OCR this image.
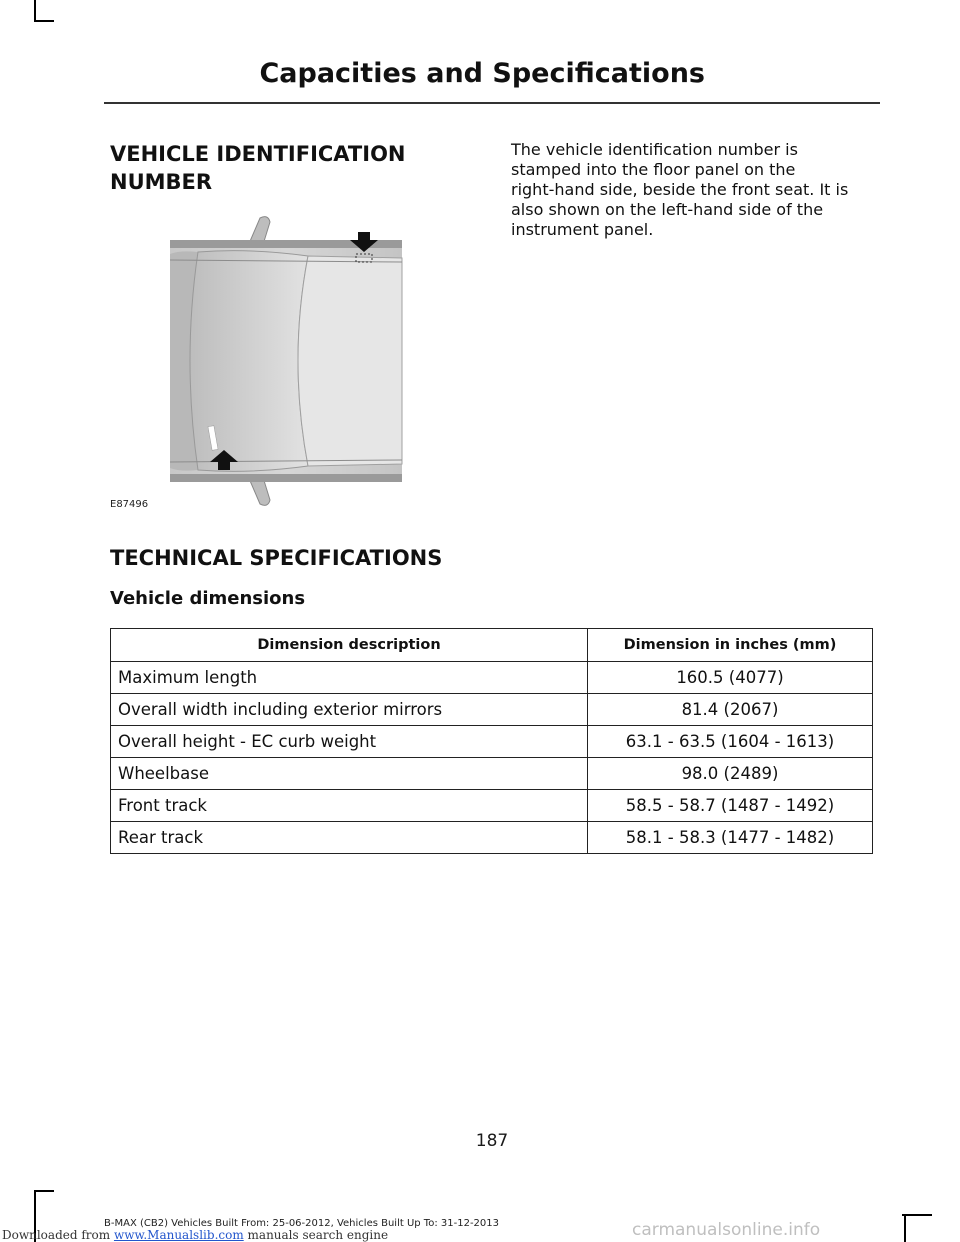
Capacities and Specifications

VEHICLE IDENTIFICATION

NUMBER

The vehicle identification number is

stamped into the floor panel on the

right-hand side, beside the front seat. It is

also shown on the left-hand side of the

instrument panel.

E87496

TECHNICAL SPECIFICATIONS

Vehicle dimensions

Dimension description	Dimension in inches (mm)
Maximum length	160.5 (4077)
Overall width including exterior mirrors	81.4 (2067)
Overall height - EC curb weight	63.1 - 63.5 (1604 - 1613)
Wheelbase	98.0 (2489)
Front track	58.5 - 58.7 (1487 - 1492)
Rear track	58.1 - 58.3 (1477 - 1482)
187
B-MAX (CB2) Vehicles Built From: 25-06-2012, Vehicles Built Up To: 31-12-2013
Downloaded from www.Manualslib.com manuals search engine	carmanualsonline.info
